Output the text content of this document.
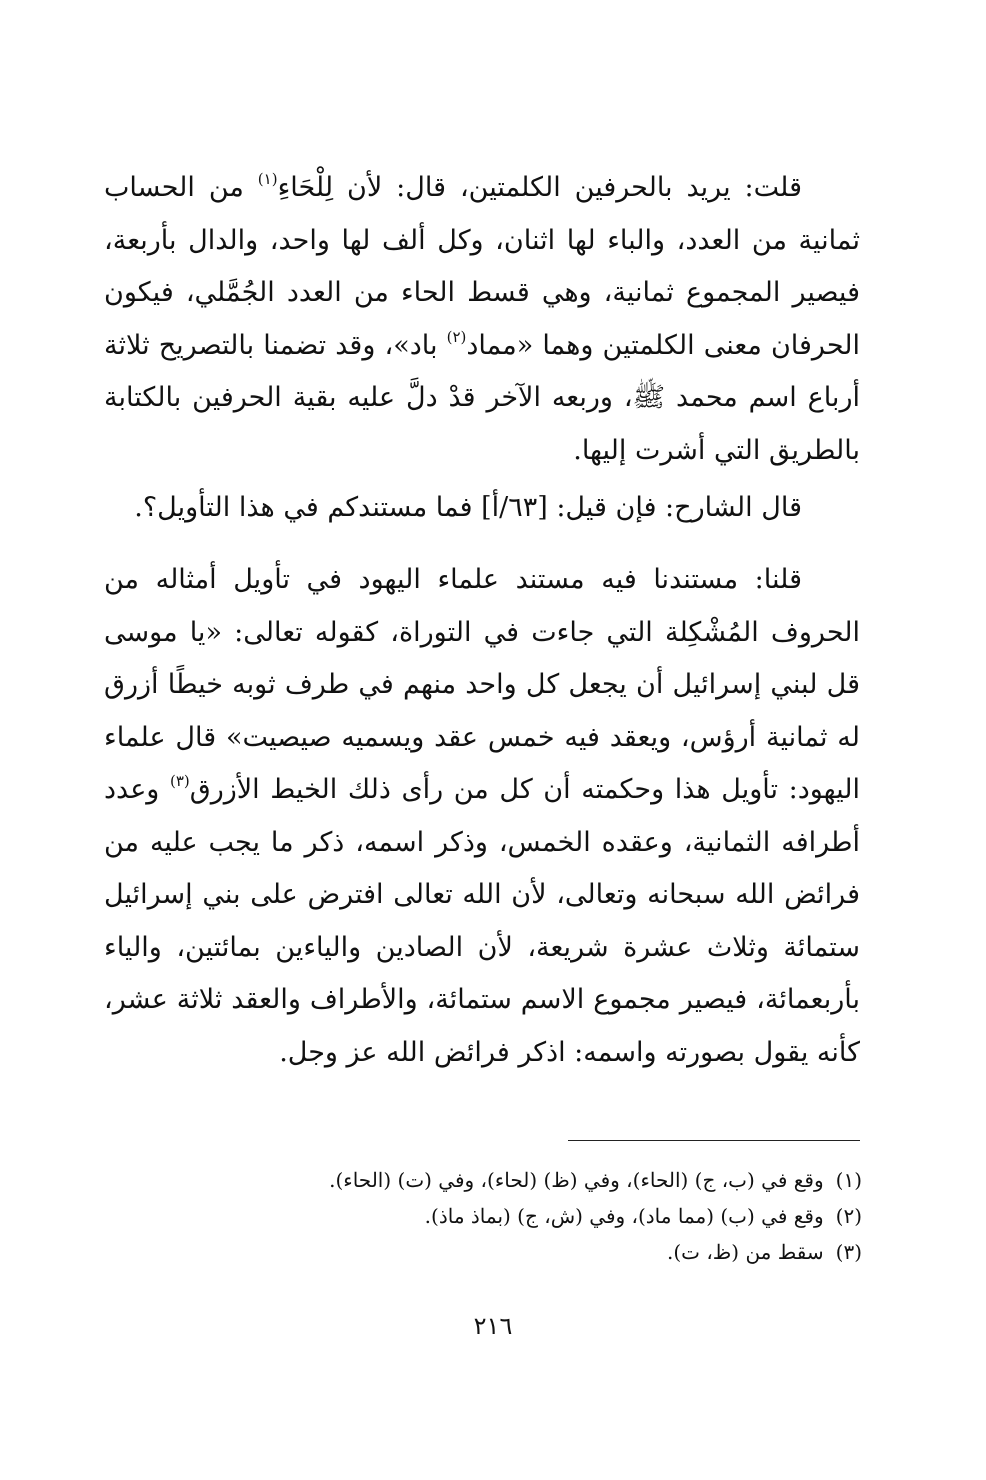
قلت: يريد بالحرفين الكلمتين، قال: لأن لِلْحَاءِ$^{(١)}$ من الحساب ثمانية من العدد، والباء لها اثنان، وكل ألف لها واحد، والدال بأربعة، فيصير المجموع ثمانية، وهي قسط الحاء من العدد الجُمَّلي، فيكون الحرفان معنى الكلمتين وهما «مماد$^{(٢)}$ باد»، وقد تضمنا بالتصريح ثلاثة أرباع اسم محمد ﷺ، وربعه الآخر قدْ دلَّ عليه بقية الحرفين بالكتابة بالطريق التي أشرت إليها.

قال الشارح: فإن قيل: [٦٣/أ] فما مستندكم في هذا التأويل؟.

قلنا: مستندنا فيه مستند علماء اليهود في تأويل أمثاله من الحروف المُشْكِلة التي جاءت في التوراة، كقوله تعالى: «يا موسى قل لبني إسرائيل أن يجعل كل واحد منهم في طرف ثوبه خيطًا أزرق له ثمانية أرؤس، ويعقد فيه خمس عقد ويسميه صيصيت» قال علماء اليهود: تأويل هذا وحكمته أن كل من رأى ذلك الخيط الأزرق$^{(٣)}$ وعدد أطرافه الثمانية، وعقده الخمس، وذكر اسمه، ذكر ما يجب عليه من فرائض الله سبحانه وتعالى، لأن الله تعالى افترض على بني إسرائيل ستمائة وثلاث عشرة شريعة، لأن الصادين والياءين بمائتين، والياء بأربعمائة، فيصير مجموع الاسم ستمائة، والأطراف والعقد ثلاثة عشر، كأنه يقول بصورته واسمه: اذكر فرائض الله عز وجل.

(١)وقع في (ب، ج) (الحاء)، وفي (ظ) (لحاء)، وفي (ت) (الحاء).

(٢)وقع في (ب) (مما ماد)، وفي (ش، ج) (بماذ ماذ).

(٣)سقط من (ظ، ت).

٢١٦
